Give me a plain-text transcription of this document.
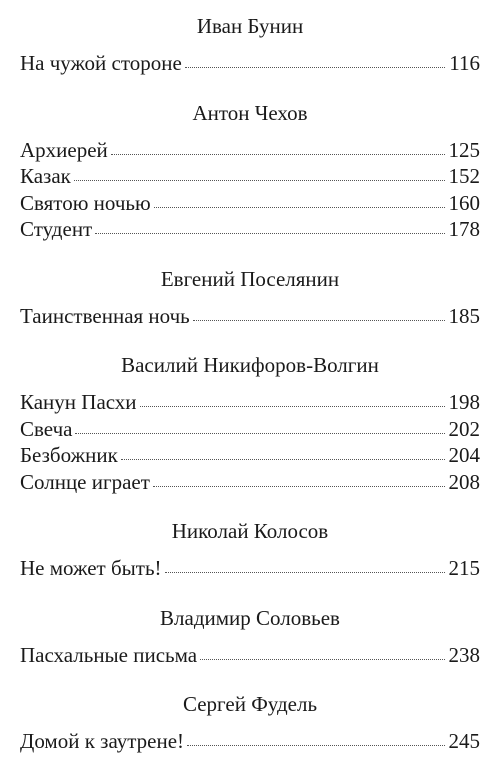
Иван Бунин
На чужой стороне	116
Антон Чехов
Архиерей	125
Казак	152
Святою ночью	160
Студент	178
Евгений Поселянин
Таинственная ночь	185
Василий Никифоров-Волгин
Канун Пасхи	198
Свеча	202
Безбожник	204
Солнце играет	208
Николай Колосов
Не может быть!	215
Владимир Соловьев
Пасхальные письма	238
Сергей Фудель
Домой к заутрене!	245
